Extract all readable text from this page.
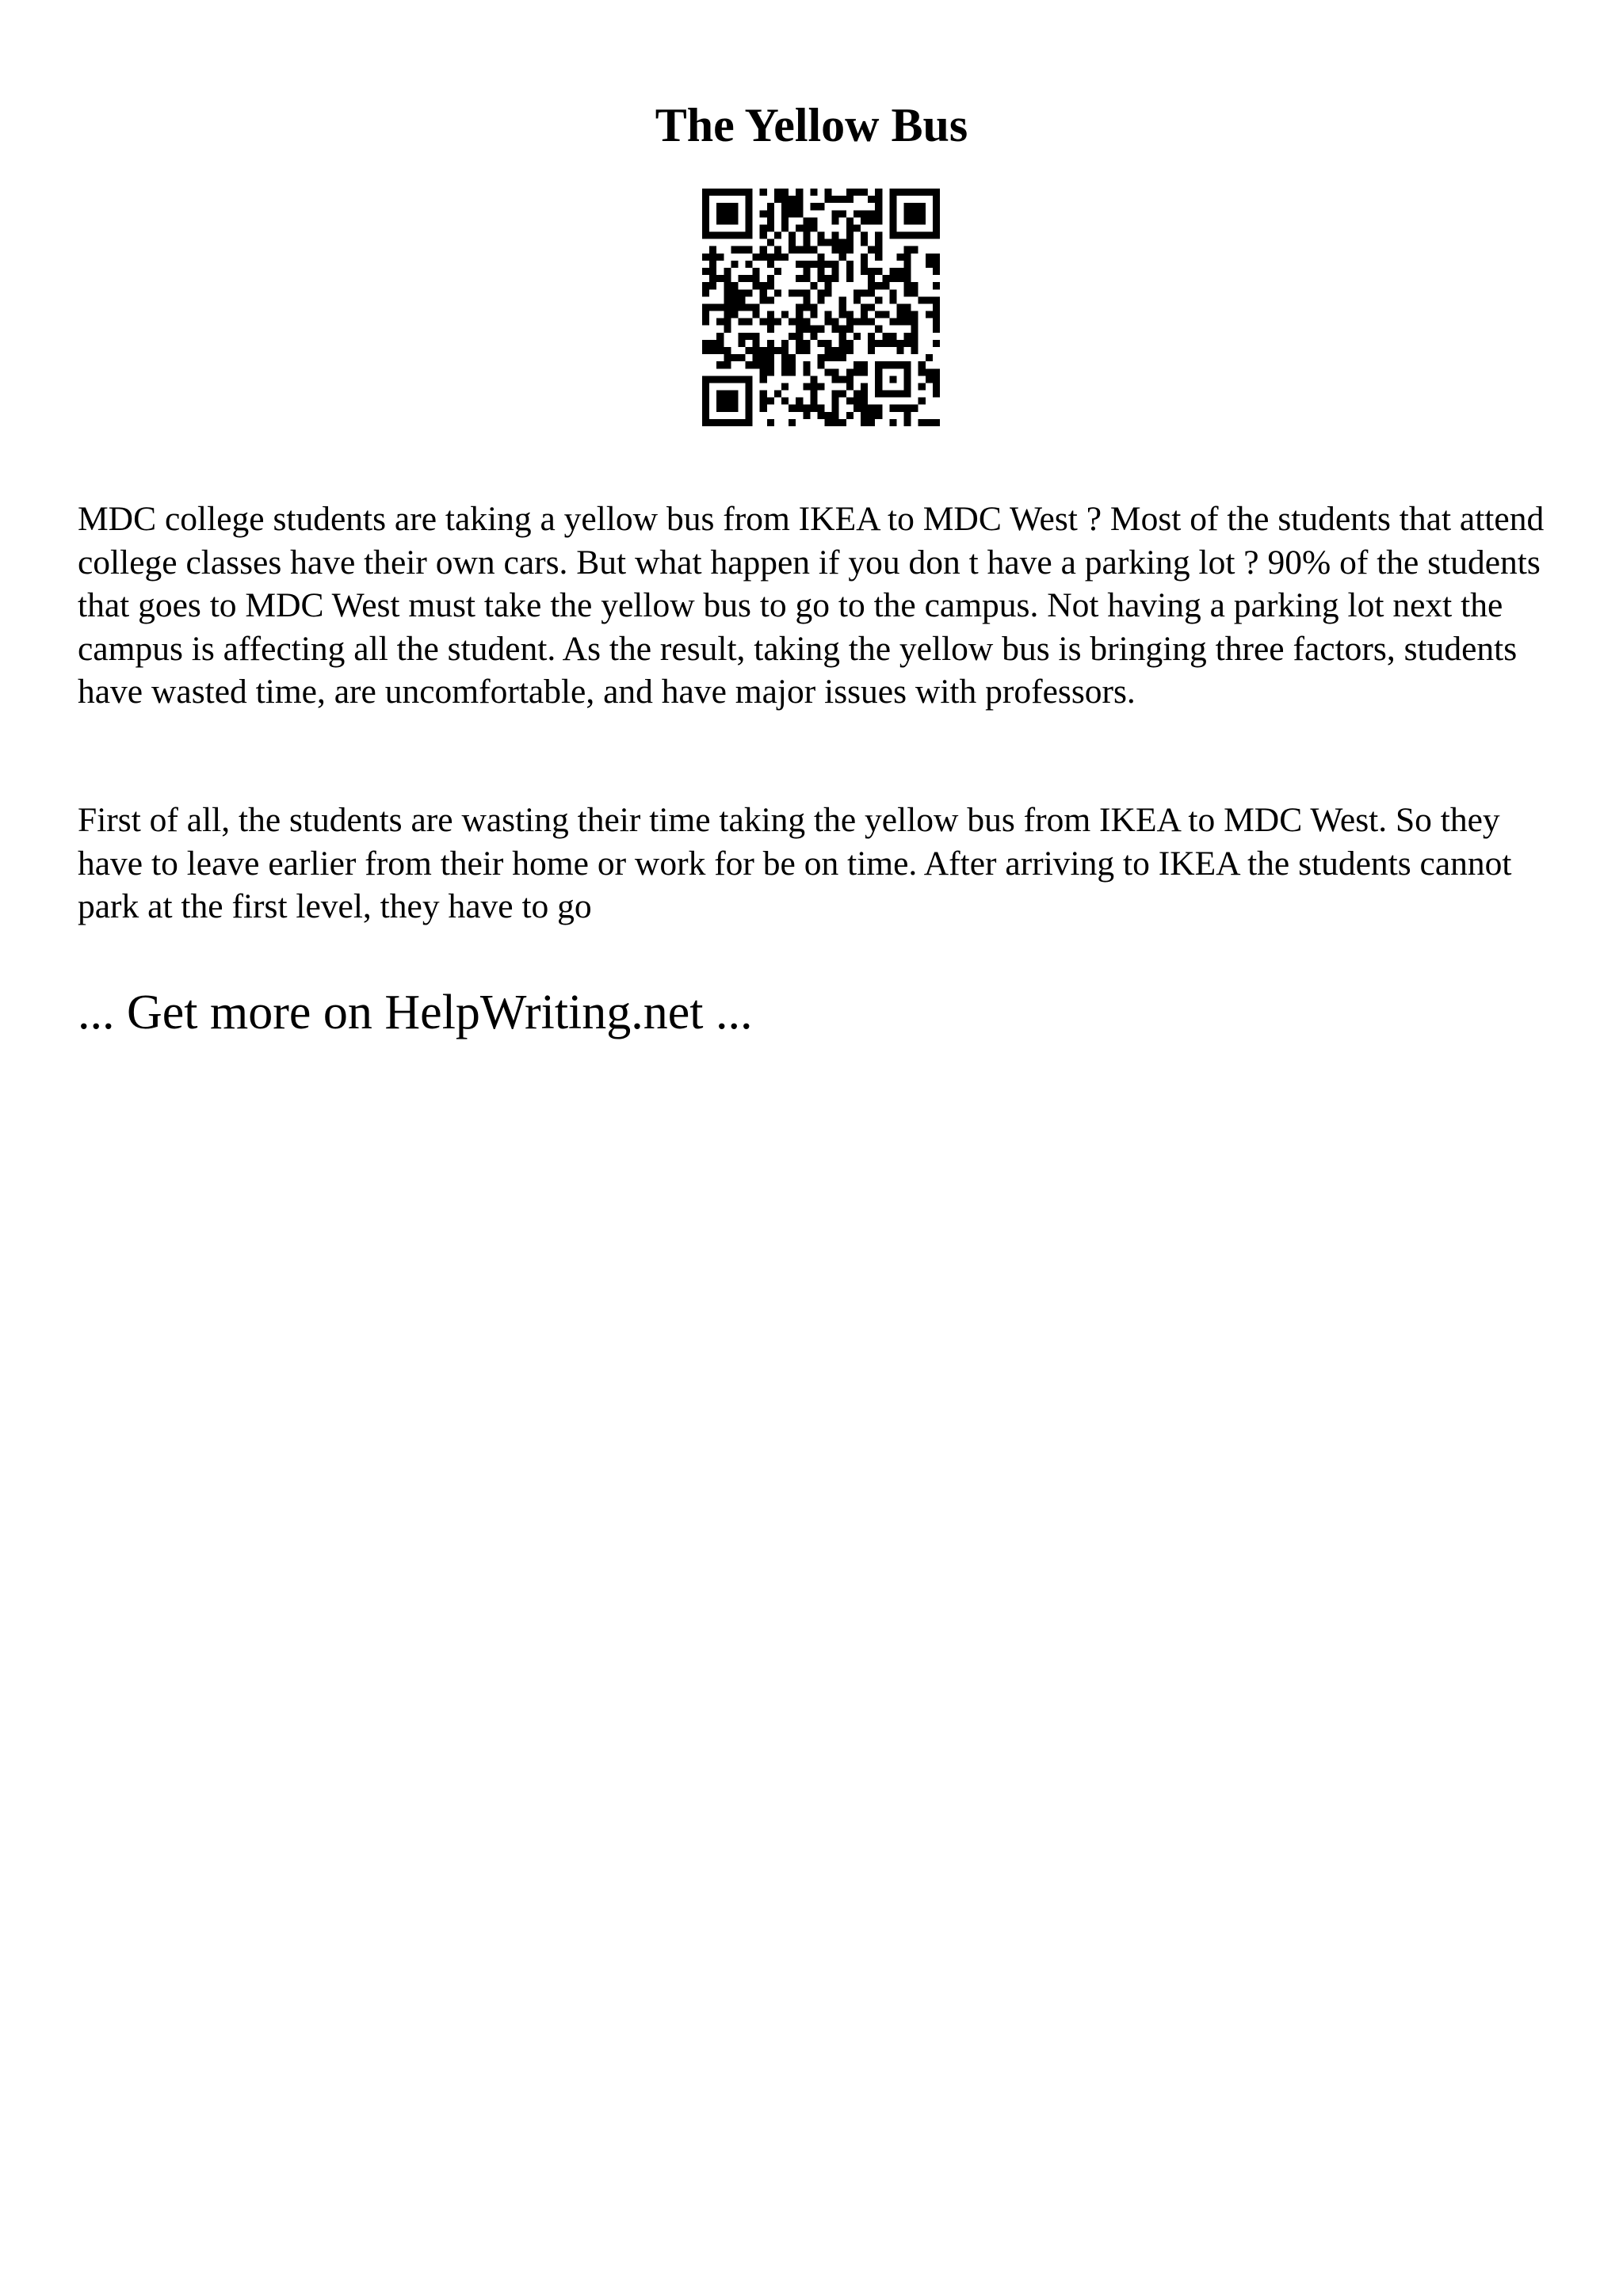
The Yellow Bus

MDC college students are taking a yellow bus from IKEA to MDC West ? Most of the students that attend college classes have their own cars. But what happen if you don t have a parking lot ? 90% of the students that goes to MDC West must take the yellow bus to go to the campus. Not having a parking lot next the campus is affecting all the student. As the result, taking the yellow bus is bringing three factors, students have wasted time, are uncomfortable, and have major issues with professors.

First of all, the students are wasting their time taking the yellow bus from IKEA to MDC West. So they have to leave earlier from their home or work for be on time. After arriving to IKEA the students cannot park at the first level, they have to go

... Get more on HelpWriting.net ...
